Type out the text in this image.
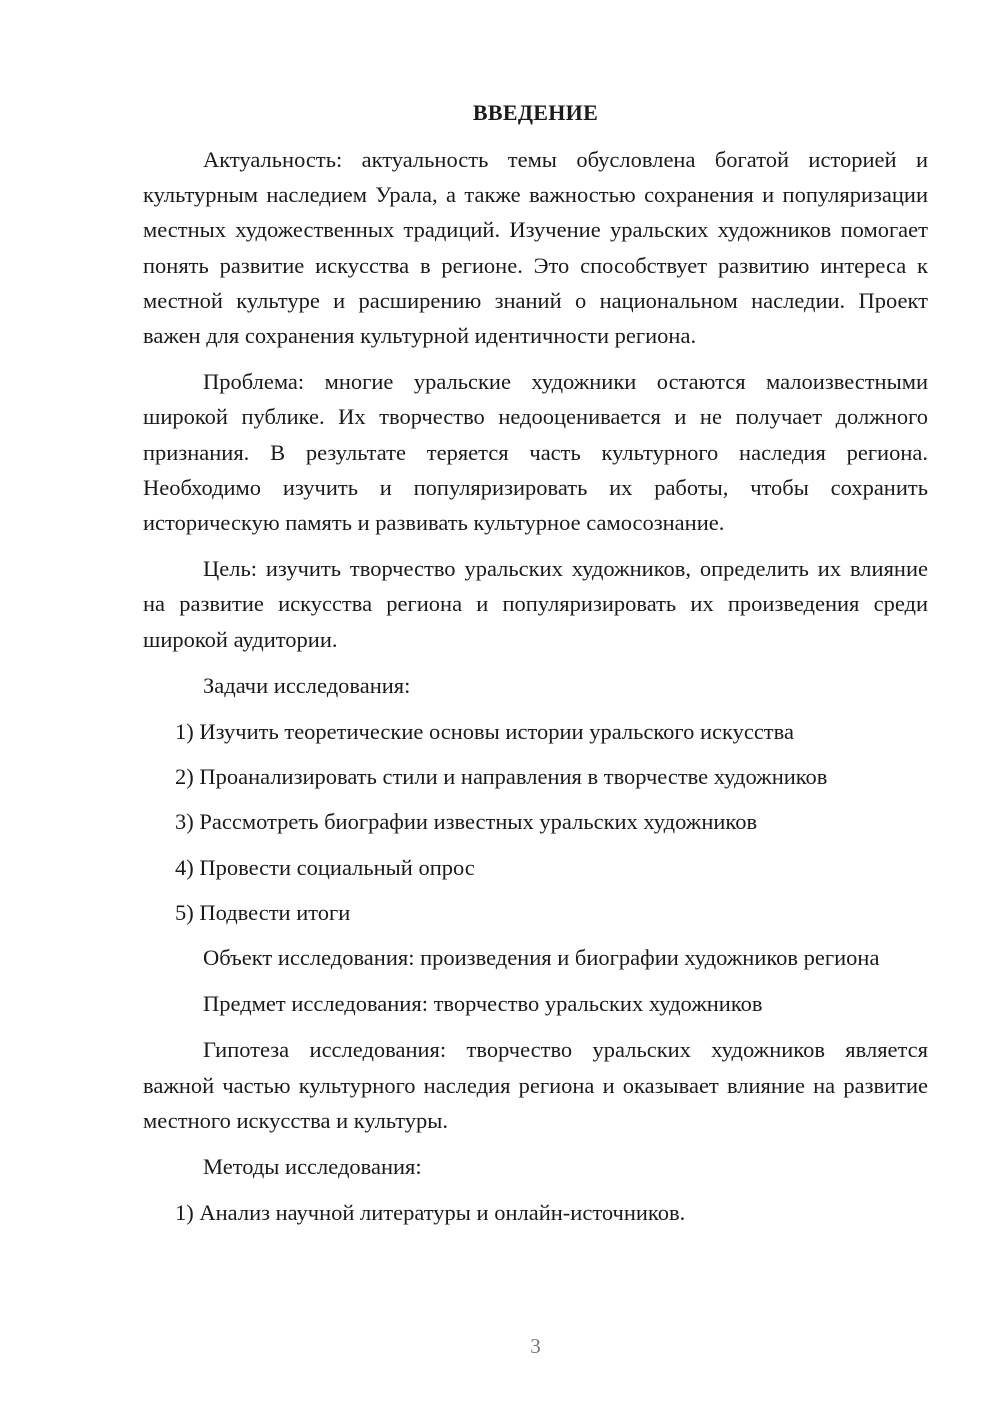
ВВЕДЕНИЕ

Актуальность: актуальность темы обусловлена богатой историей и культурным наследием Урала, а также важностью сохранения и популяризации местных художественных традиций. Изучение уральских художников помогает понять развитие искусства в регионе. Это способствует развитию интереса к местной культуре и расширению знаний о национальном наследии. Проект важен для сохранения культурной идентичности региона.

Проблема: многие уральские художники остаются малоизвестными широкой публике. Их творчество недооценивается и не получает должного признания. В результате теряется часть культурного наследия региона. Необходимо изучить и популяризировать их работы, чтобы сохранить историческую память и развивать культурное самосознание.

Цель: изучить творчество уральских художников, определить их влияние на развитие искусства региона и популяризировать их произведения среди широкой аудитории.

Задачи исследования:

1) Изучить теоретические основы истории уральского искусства

2) Проанализировать стили и направления в творчестве художников

3) Рассмотреть биографии известных уральских художников

4) Провести социальный опрос

5) Подвести итоги

Объект исследования: произведения и биографии художников региона

Предмет исследования: творчество уральских художников

Гипотеза исследования: творчество уральских художников является важной частью культурного наследия региона и оказывает влияние на развитие местного искусства и культуры.

Методы исследования:

1) Анализ научной литературы и онлайн-источников.

3
